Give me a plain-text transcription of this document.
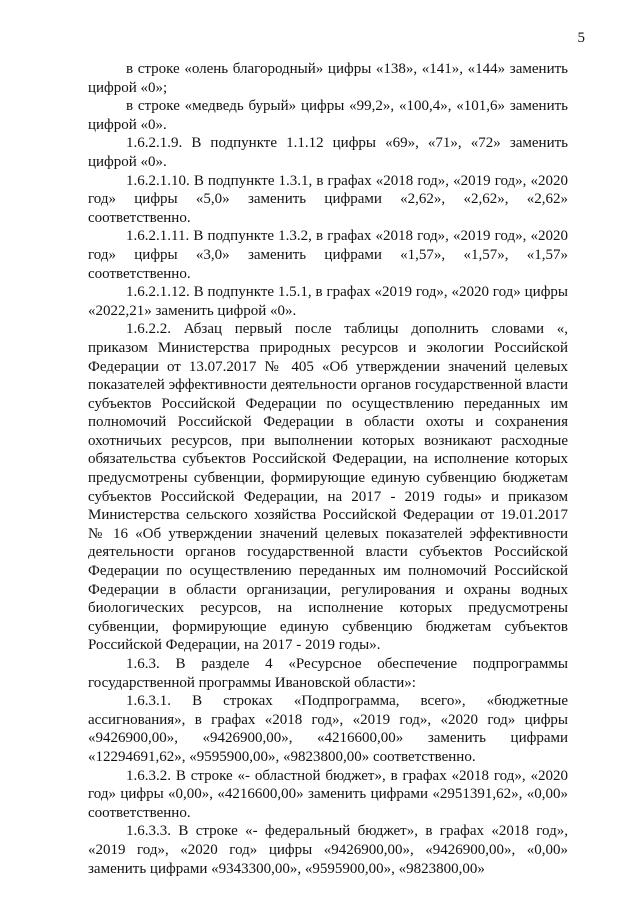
5

в строке «олень благородный» цифры «138», «141», «144» заменить цифрой «0»;

в строке «медведь бурый» цифры «99,2», «100,4», «101,6» заменить цифрой «0».

1.6.2.1.9. В подпункте 1.1.12 цифры «69», «71», «72» заменить цифрой «0».

1.6.2.1.10. В подпункте 1.3.1, в графах «2018 год», «2019 год», «2020 год» цифры «5,0» заменить цифрами «2,62», «2,62», «2,62» соответственно.

1.6.2.1.11. В подпункте 1.3.2, в графах «2018 год», «2019 год», «2020 год» цифры «3,0» заменить цифрами «1,57», «1,57», «1,57» соответственно.

1.6.2.1.12. В подпункте 1.5.1, в графах «2019 год», «2020 год» цифры «2022,21» заменить цифрой «0».

1.6.2.2. Абзац первый после таблицы дополнить словами «, приказом Министерства природных ресурсов и экологии Российской Федерации от 13.07.2017 № 405 «Об утверждении значений целевых показателей эффективности деятельности органов государственной власти субъектов Российской Федерации по осуществлению переданных им полномочий Российской Федерации в области охоты и сохранения охотничьих ресурсов, при выполнении которых возникают расходные обязательства субъектов Российской Федерации, на исполнение которых предусмотрены субвенции, формирующие единую субвенцию бюджетам субъектов Российской Федерации, на 2017 - 2019 годы» и приказом Министерства сельского хозяйства Российской Федерации от 19.01.2017 № 16 «Об утверждении значений целевых показателей эффективности деятельности органов государственной власти субъектов Российской Федерации по осуществлению переданных им полномочий Российской Федерации в области организации, регулирования и охраны водных биологических ресурсов, на исполнение которых предусмотрены субвенции, формирующие единую субвенцию бюджетам субъектов Российской Федерации, на 2017 - 2019 годы».

1.6.3. В разделе 4 «Ресурсное обеспечение подпрограммы государственной программы Ивановской области»:

1.6.3.1. В строках «Подпрограмма, всего», «бюджетные ассигнования», в графах «2018 год», «2019 год», «2020 год» цифры «9426900,00», «9426900,00», «4216600,00» заменить цифрами «12294691,62», «9595900,00», «9823800,00» соответственно.

1.6.3.2. В строке «- областной бюджет», в графах «2018 год», «2020 год» цифры «0,00», «4216600,00» заменить цифрами «2951391,62», «0,00» соответственно.

1.6.3.3. В строке «- федеральный бюджет», в графах «2018 год», «2019 год», «2020 год» цифры «9426900,00», «9426900,00», «0,00» заменить цифрами «9343300,00», «9595900,00», «9823800,00»
